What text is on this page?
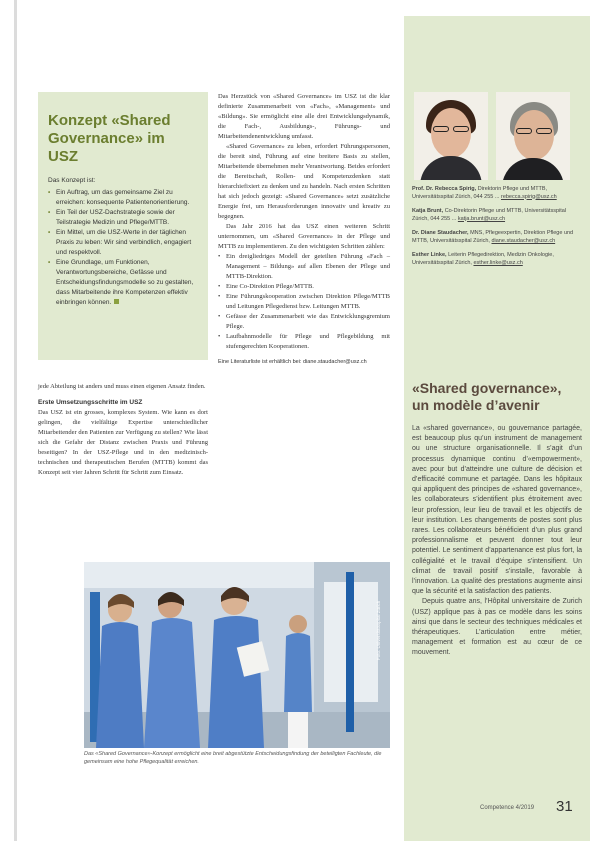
Konzept «Shared Governance» im USZ
Das Konzept ist:
• Ein Auftrag, um das gemeinsame Ziel zu erreichen: konsequente Patientenorientierung.
• Ein Teil der USZ-Dachstrategie sowie der Teilstrategie Medizin und Pflege/MTTB.
• Ein Mittel, um die USZ-Werte in der täglichen Praxis zu leben: Wir sind verbindlich, engagiert und respektvoll.
• Eine Grundlage, um Funktionen, Verantwortungsbereiche, Gefässe und Entscheidungsfindungsmodelle so zu gestalten, dass Mitarbeitende ihre Kompetenzen effektiv einbringen können.

jede Abteilung ist anders und muss einen eigenen Ansatz finden.

Erste Umsetzungsschritte im USZ

Das USZ ist ein grosses, komplexes System. Wie kann es dort gelingen, die vielfältige Expertise unterschiedlicher Mitarbeitender den Patienten zur Verfügung zu stellen? Wie lässt sich die Gefahr der Distanz zwischen Praxis und Führung beseitigen? In der USZ-Pflege und in den medizinisch-technischen und therapeutischen Berufen (MTTB) kommt das Konzept seit vier Jahren Schritt für Schritt zum Einsatz.

Das Herzstück von «Shared Governance» im USZ ist die klar definierte Zusammenarbeit von «Fach», «Management» und «Bildung». Sie ermöglicht eine alle drei Entwicklungsdynamik, die Fach-, Ausbildungs-, Führungs- und Mitarbeitendenentwicklung umfasst.

«Shared Governance» zu leben, erfordert Führungspersonen, die bereit sind, Führung auf eine breitere Basis zu stellen, Mitarbeitende übernehmen mehr Verantwortung. Beides erfordert die Bereitschaft, Rollen- und Kompetenzdenken statt hierarchiefixiert zu denken und zu handeln. Nach ersten Schritten hat sich jedoch gezeigt: «Shared Governance» setzt zusätzliche Energie frei, um Herausforderungen innovativ und kreativ zu begegnen.

Das Jahr 2016 hat das USZ einen weiteren Schritt unternommen, um «Shared Governance» in der Pflege und MTTB zu implementieren. Zu den wichtigsten Schritten zählen:

• Ein dreigliedriges Modell der geteilten Führung «Fach – Management – Bildung» auf allen Ebenen der Pflege und MTTB-Direktion.
• Eine Co-Direktion Pflege/MTTB.
• Eine Führungskooperation zwischen Direktion Pflege/MTTB und Leitungen Pflegedienst bzw. Leitungen MTTB.
• Gefässe der Zusammenarbeit wie das Entwicklungsgremium Pflege.
• Laufbahnmodelle für Pflege und Pflegebildung mit stufengerechten Kooperationen.
Eine Literaturliste ist erhältlich bei: diane.staudacher@usz.ch
Foto: Universitätsspital Zürich
Das «Shared Governance»-Konzept ermöglicht eine breit abgestützte Entscheidungsfindung der beteiligten Fachleute, die gemeinsam eine hohe Pflegequalität erreichen.
Prof. Dr. Rebecca Spirig, Direktorin Pflege und MTTB, Universitätsspital Zürich, 044 255 ... rebecca.spirig@usz.ch
Katja Brunt, Co-Direktorin Pflege und MTTB, Universitätsspital Zürich, 044 255 ... katja.brunt@usz.ch
Dr. Diane Staudacher, MNS, Pflegeexpertin, Direktion Pflege und MTTB, Universitätsspital Zürich, diane.staudacher@usz.ch
Esther Linke, Leiterin Pflegedirektion, Medizin Onkologie, Universitätsspital Zürich, esther.linke@usz.ch
«Shared governance», un modèle d’avenir

La «shared governance», ou gouvernance partagée, est beaucoup plus qu’un instrument de management ou une structure organisationnelle. Il s’agit d’un processus dynamique continu d’«empowerment», avec pour but d’atteindre une culture de décision et d’efficacité commune et partagée. Dans les hôpitaux qui appliquent des principes de «shared governance», les collaborateurs s’identifient plus étroitement avec leur profession, leur lieu de travail et les objectifs de leur institution. Les changements de postes sont plus rares. Les collaborateurs bénéficient d’un plus grand professionnalisme et peuvent donner tout leur potentiel. Le sentiment d’appartenance est plus fort, la collégialité et le travail d’équipe s’intensifient. Un climat de travail positif s’installe, favorable à l’innovation. La qualité des prestations augmente ainsi que la sécurité et la satisfaction des patients.

Depuis quatre ans, l’Hôpital universitaire de Zurich (USZ) applique pas à pas ce modèle dans les soins ainsi que dans le secteur des techniques médicales et thérapeutiques. L’articulation entre métier, management et formation est au cœur de ce mouvement.

Competence 4/2019 31
